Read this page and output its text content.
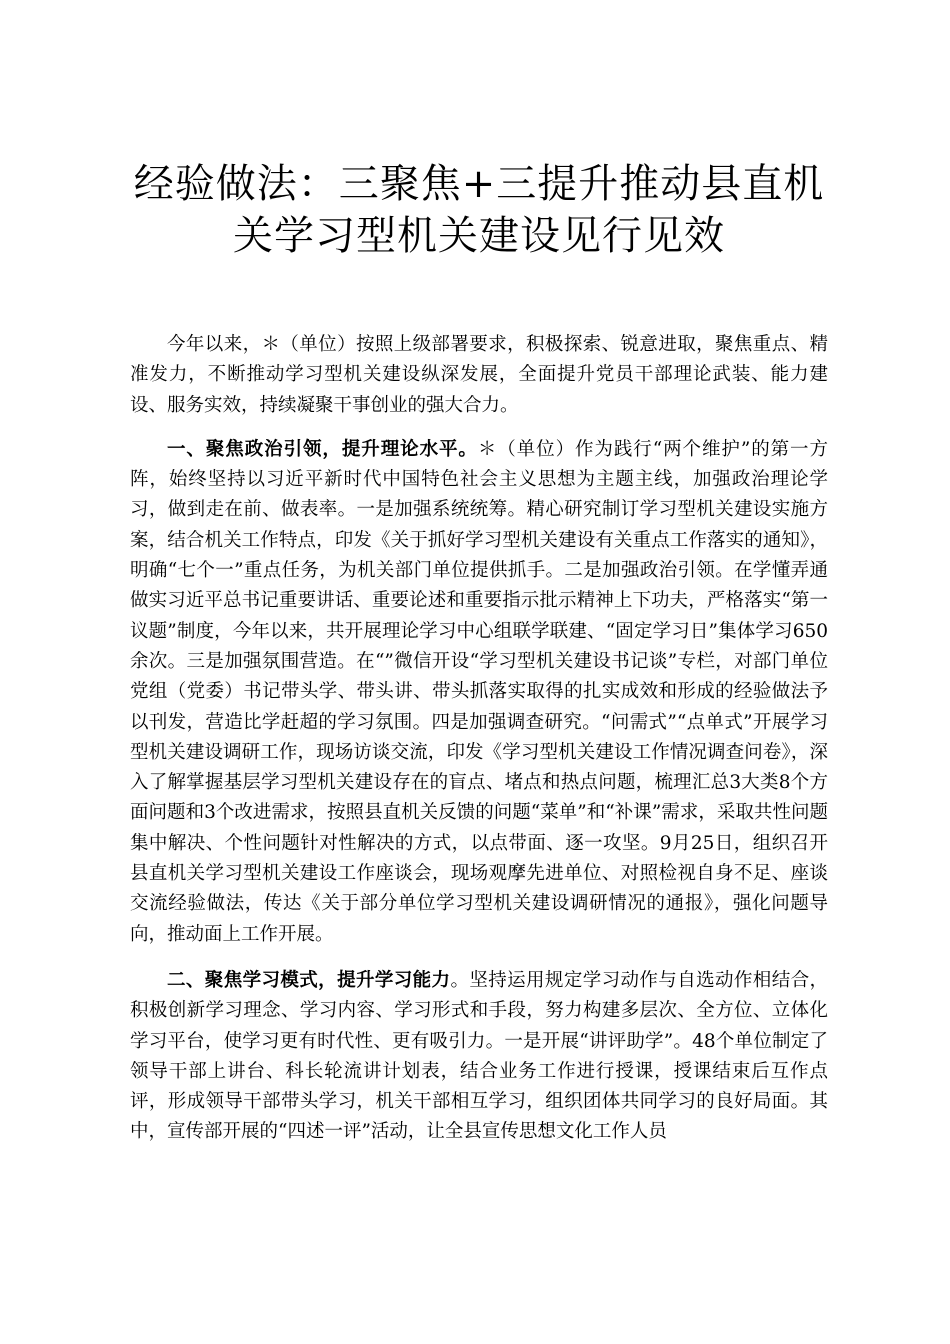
经验做法：三聚焦+三提升推动县直机关学习型机关建设见行见效

今年以来，＊（单位）按照上级部署要求，积极探索、锐意进取，聚焦重点、精准发力，不断推动学习型机关建设纵深发展，全面提升党员干部理论武装、能力建设、服务实效，持续凝聚干事创业的强大合力。

一、聚焦政治引领，提升理论水平。＊（单位）作为践行“两个维护”的第一方阵，始终坚持以习近平新时代中国特色社会主义思想为主题主线，加强政治理论学习，做到走在前、做表率。一是加强系统统筹。精心研究制订学习型机关建设实施方案，结合机关工作特点，印发《关于抓好学习型机关建设有关重点工作落实的通知》，明确“七个一”重点任务，为机关部门单位提供抓手。二是加强政治引领。在学懂弄通做实习近平总书记重要讲话、重要论述和重要指示批示精神上下功夫，严格落实“第一议题”制度，今年以来，共开展理论学习中心组联学联建、“固定学习日”集体学习650余次。三是加强氛围营造。在“”微信开设“学习型机关建设书记谈”专栏，对部门单位党组（党委）书记带头学、带头讲、带头抓落实取得的扎实成效和形成的经验做法予以刊发，营造比学赶超的学习氛围。四是加强调查研究。“问需式”“点单式”开展学习型机关建设调研工作，现场访谈交流，印发《学习型机关建设工作情况调查问卷》，深入了解掌握基层学习型机关建设存在的盲点、堵点和热点问题，梳理汇总3大类8个方面问题和3个改进需求，按照县直机关反馈的问题“菜单”和“补课”需求，采取共性问题集中解决、个性问题针对性解决的方式，以点带面、逐一攻坚。9月25日，组织召开县直机关学习型机关建设工作座谈会，现场观摩先进单位、对照检视自身不足、座谈交流经验做法，传达《关于部分单位学习型机关建设调研情况的通报》，强化问题导向，推动面上工作开展。

二、聚焦学习模式，提升学习能力。坚持运用规定学习动作与自选动作相结合，积极创新学习理念、学习内容、学习形式和手段，努力构建多层次、全方位、立体化学习平台，使学习更有时代性、更有吸引力。一是开展“讲评助学”。48个单位制定了领导干部上讲台、科长轮流讲计划表，结合业务工作进行授课，授课结束后互作点评，形成领导干部带头学习，机关干部相互学习，组织团体共同学习的良好局面。其中，宣传部开展的“四述一评”活动，让全县宣传思想文化工作人员
